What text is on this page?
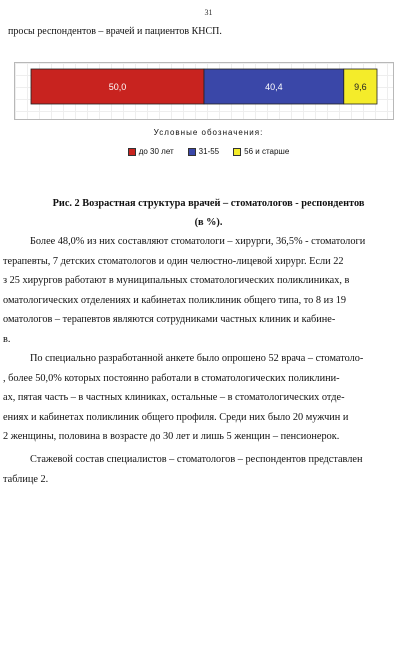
31
просы респондентов – врачей и пациентов КНСП.
50,0	40,4	9,6
Условные обозначения:
до 30 лет	31-55	56 и старше
Рис. 2 Возрастная структура врачей – стоматологов - респондентов
(в %).
Более 48,0% из них составляют стоматологи – хирурги, 36,5% - стоматологи
терапевты, 7 детских стоматологов и один челюстно-лицевой хирург. Если 22
з 25 хирургов работают в муниципальных стоматологических поликлиниках, в
оматологических отделениях и кабинетах поликлиник общего типа, то 8 из 19
оматологов – терапевтов являются сотрудниками частных клиник и кабине-
в.
По специально разработанной анкете было опрошено 52 врача – стоматоло-
, более 50,0% которых постоянно работали в стоматологических поликлини-
ах, пятая часть – в частных клиниках, остальные – в стоматологических отде-
ениях и кабинетах поликлиник общего профиля. Среди них было 20 мужчин и
2 женщины, половина в возрасте до 30 лет и лишь 5 женщин – пенсионерок.
Стажевой состав специалистов – стоматологов – респондентов представлен
таблице 2.
